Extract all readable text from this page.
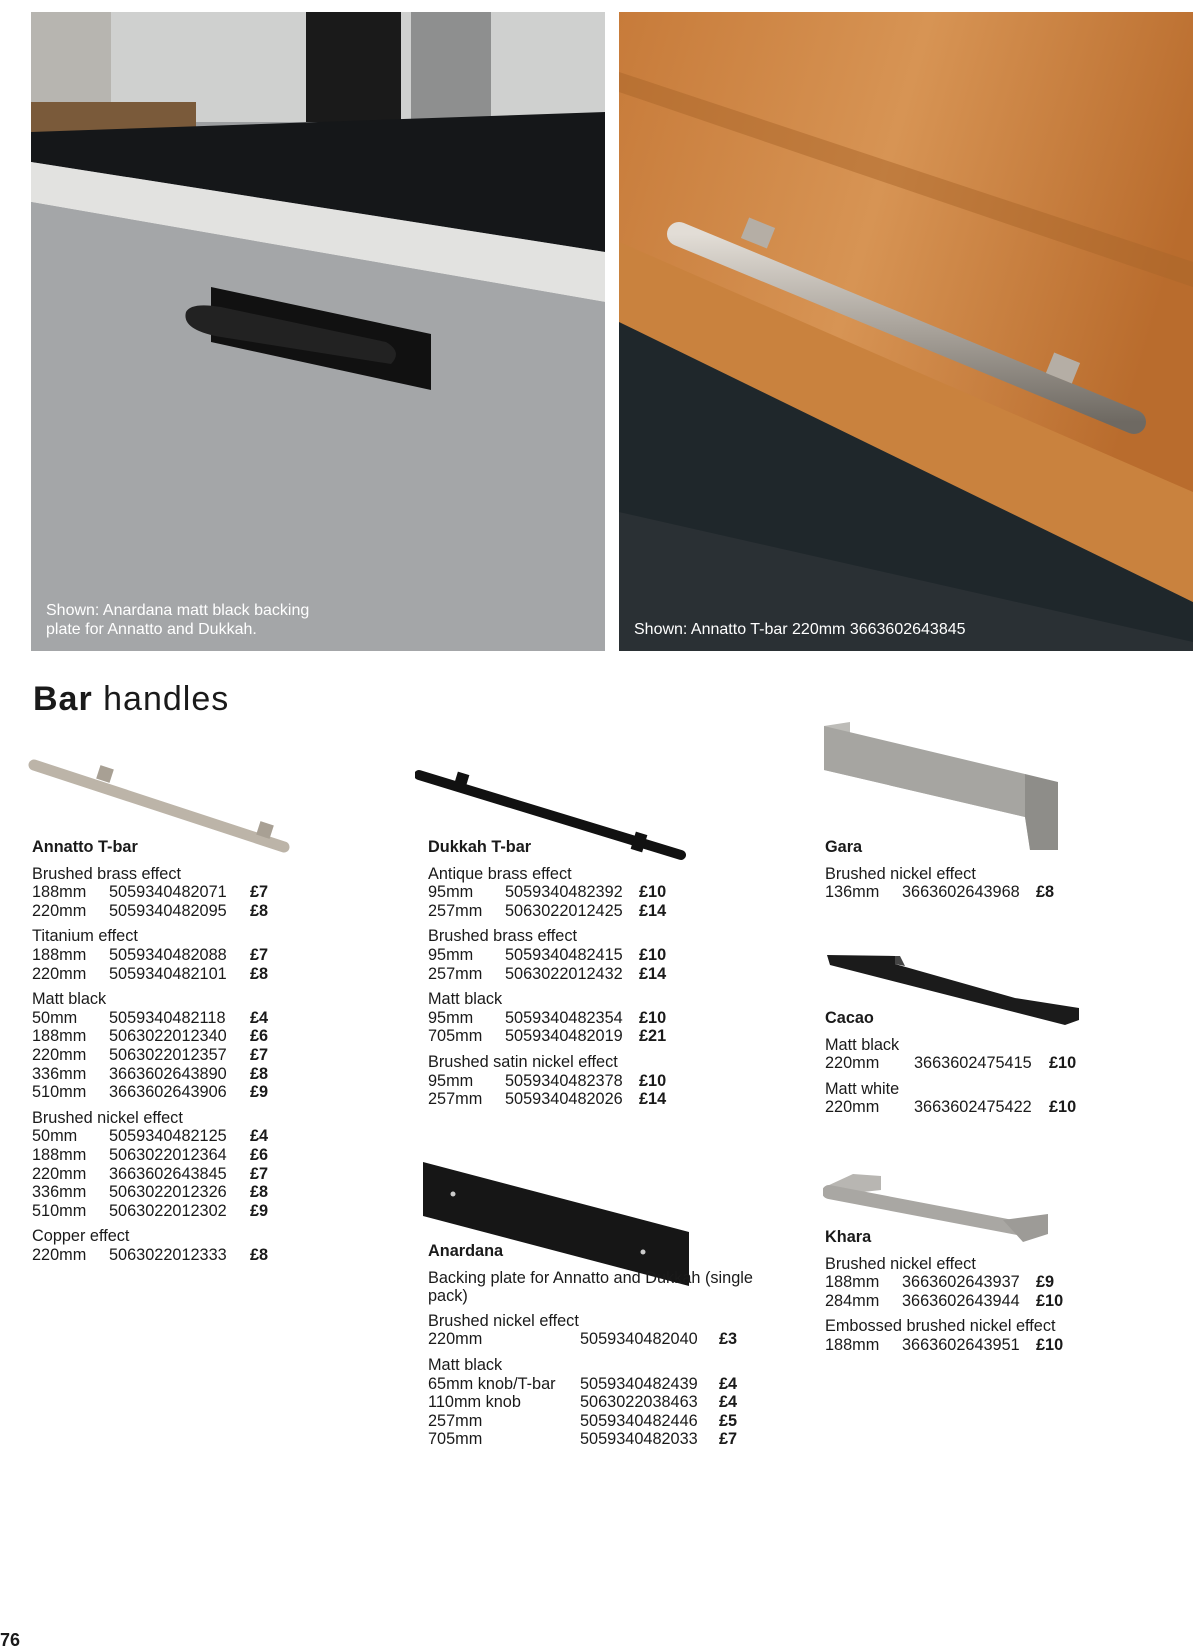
Shown: Anardana matt black backing plate for Annatto and Dukkah.	Shown: Annatto T-bar 220mm 3663602643845
Bar handles
Annatto T-bar
Brushed brass effect
188mm	5059340482071	£7
220mm	5059340482095	£8
Titanium effect
188mm	5059340482088	£7
220mm	5059340482101	£8
Matt black
50mm	5059340482118	£4
188mm	5063022012340	£6
220mm	5063022012357	£7
336mm	3663602643890	£8
510mm	3663602643906	£9
Brushed nickel effect
50mm	5059340482125	£4
188mm	5063022012364	£6
220mm	3663602643845	£7
336mm	5063022012326	£8
510mm	5063022012302	£9
Copper effect
220mm	5063022012333	£8
Dukkah T-bar
Antique brass effect
95mm	5059340482392 £10
257mm	5063022012425 £14
Brushed brass effect
95mm	5059340482415 £10
257mm	5063022012432 £14
Matt black
95mm	5059340482354 £10
705mm	5059340482019 £21
Brushed satin nickel effect
95mm	5059340482378 £10
257mm	5059340482026 £14
Anardana
Backing plate for Annatto and Dukkah (single pack)
Brushed nickel effect
220mm	5059340482040	£3
Matt black
65mm knob/T-bar	5059340482439	£4
110mm knob	5063022038463	£4
257mm	5059340482446	£5
705mm	5059340482033	£7
Gara
Brushed nickel effect
136mm	3663602643968 £8
Cacao
Matt black
220mm	3663602475415	£10
Matt white
220mm	3663602475422	£10
Khara
Brushed nickel effect
188mm	3663602643937 £9
284mm	3663602643944 £10
Embossed brushed nickel effect
188mm	3663602643951 £10
76
